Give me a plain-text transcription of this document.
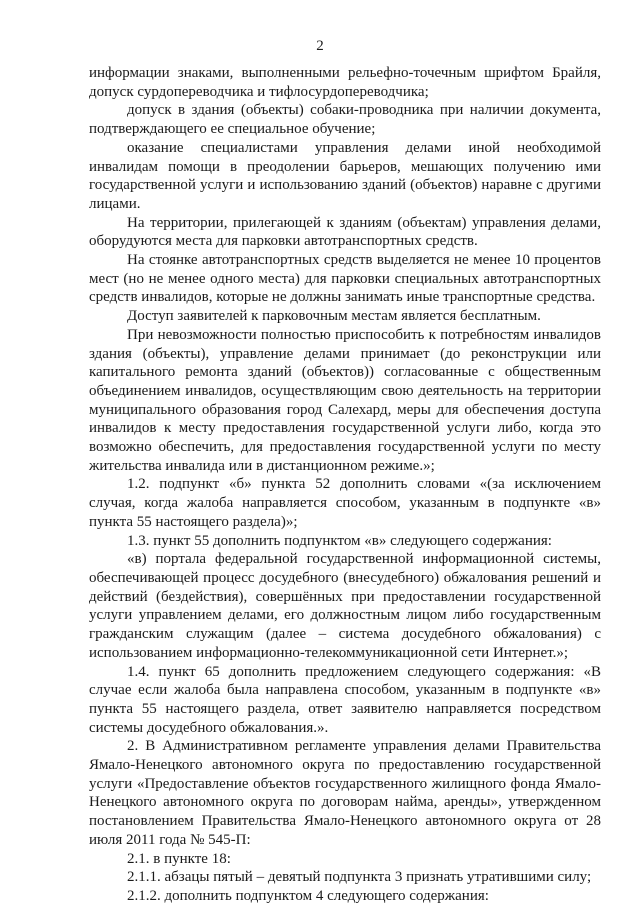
2

информации знаками, выполненными рельефно-точечным шрифтом Брайля, допуск сурдопереводчика и тифлосурдопереводчика;

допуск в здания (объекты) собаки-проводника при наличии документа, подтверждающего ее специальное обучение;

оказание специалистами управления делами иной необходимой инвалидам помощи в преодолении барьеров, мешающих получению ими государственной услуги и использованию зданий (объектов) наравне с другими лицами.

На территории, прилегающей к зданиям (объектам) управления делами, оборудуются места для парковки автотранспортных средств.

На стоянке автотранспортных средств выделяется не менее 10 процентов мест (но не менее одного места) для парковки специальных автотранспортных средств инвалидов, которые не должны занимать иные транспортные средства.

Доступ заявителей к парковочным местам является бесплатным.

При невозможности полностью приспособить к потребностям инвалидов здания (объекты), управление делами принимает (до реконструкции или капитального ремонта зданий (объектов)) согласованные с общественным объединением инвалидов, осуществляющим свою деятельность на территории муниципального образования город Салехард, меры для обеспечения доступа инвалидов к месту предоставления государственной услуги либо, когда это возможно обеспечить, для предоставления государственной услуги по месту жительства инвалида или в дистанционном режиме.»;

1.2. подпункт «б» пункта 52 дополнить словами «(за исключением случая, когда жалоба направляется способом, указанным в подпункте «в» пункта 55 настоящего раздела)»;

1.3. пункт 55 дополнить подпунктом «в» следующего содержания:

«в) портала федеральной государственной информационной системы, обеспечивающей процесс досудебного (внесудебного) обжалования решений и действий (бездействия), совершённых при предоставлении государственной услуги управлением делами, его должностным лицом либо государственным гражданским служащим (далее – система досудебного обжалования) с использованием информационно-телекоммуникационной сети Интернет.»;

1.4. пункт 65 дополнить предложением следующего содержания: «В случае если жалоба была направлена способом, указанным в подпункте «в» пункта 55 настоящего раздела, ответ заявителю направляется посредством системы досудебного обжалования.».

2. В Административном регламенте управления делами Правительства Ямало-Ненецкого автономного округа по предоставлению государственной услуги «Предоставление объектов государственного жилищного фонда Ямало-Ненецкого автономного округа по договорам найма, аренды», утвержденном постановлением Правительства Ямало-Ненецкого автономного округа от 28 июля 2011 года № 545-П:

2.1. в пункте 18:

2.1.1. абзацы пятый – девятый подпункта 3 признать утратившими силу;

2.1.2. дополнить подпунктом 4 следующего содержания:
